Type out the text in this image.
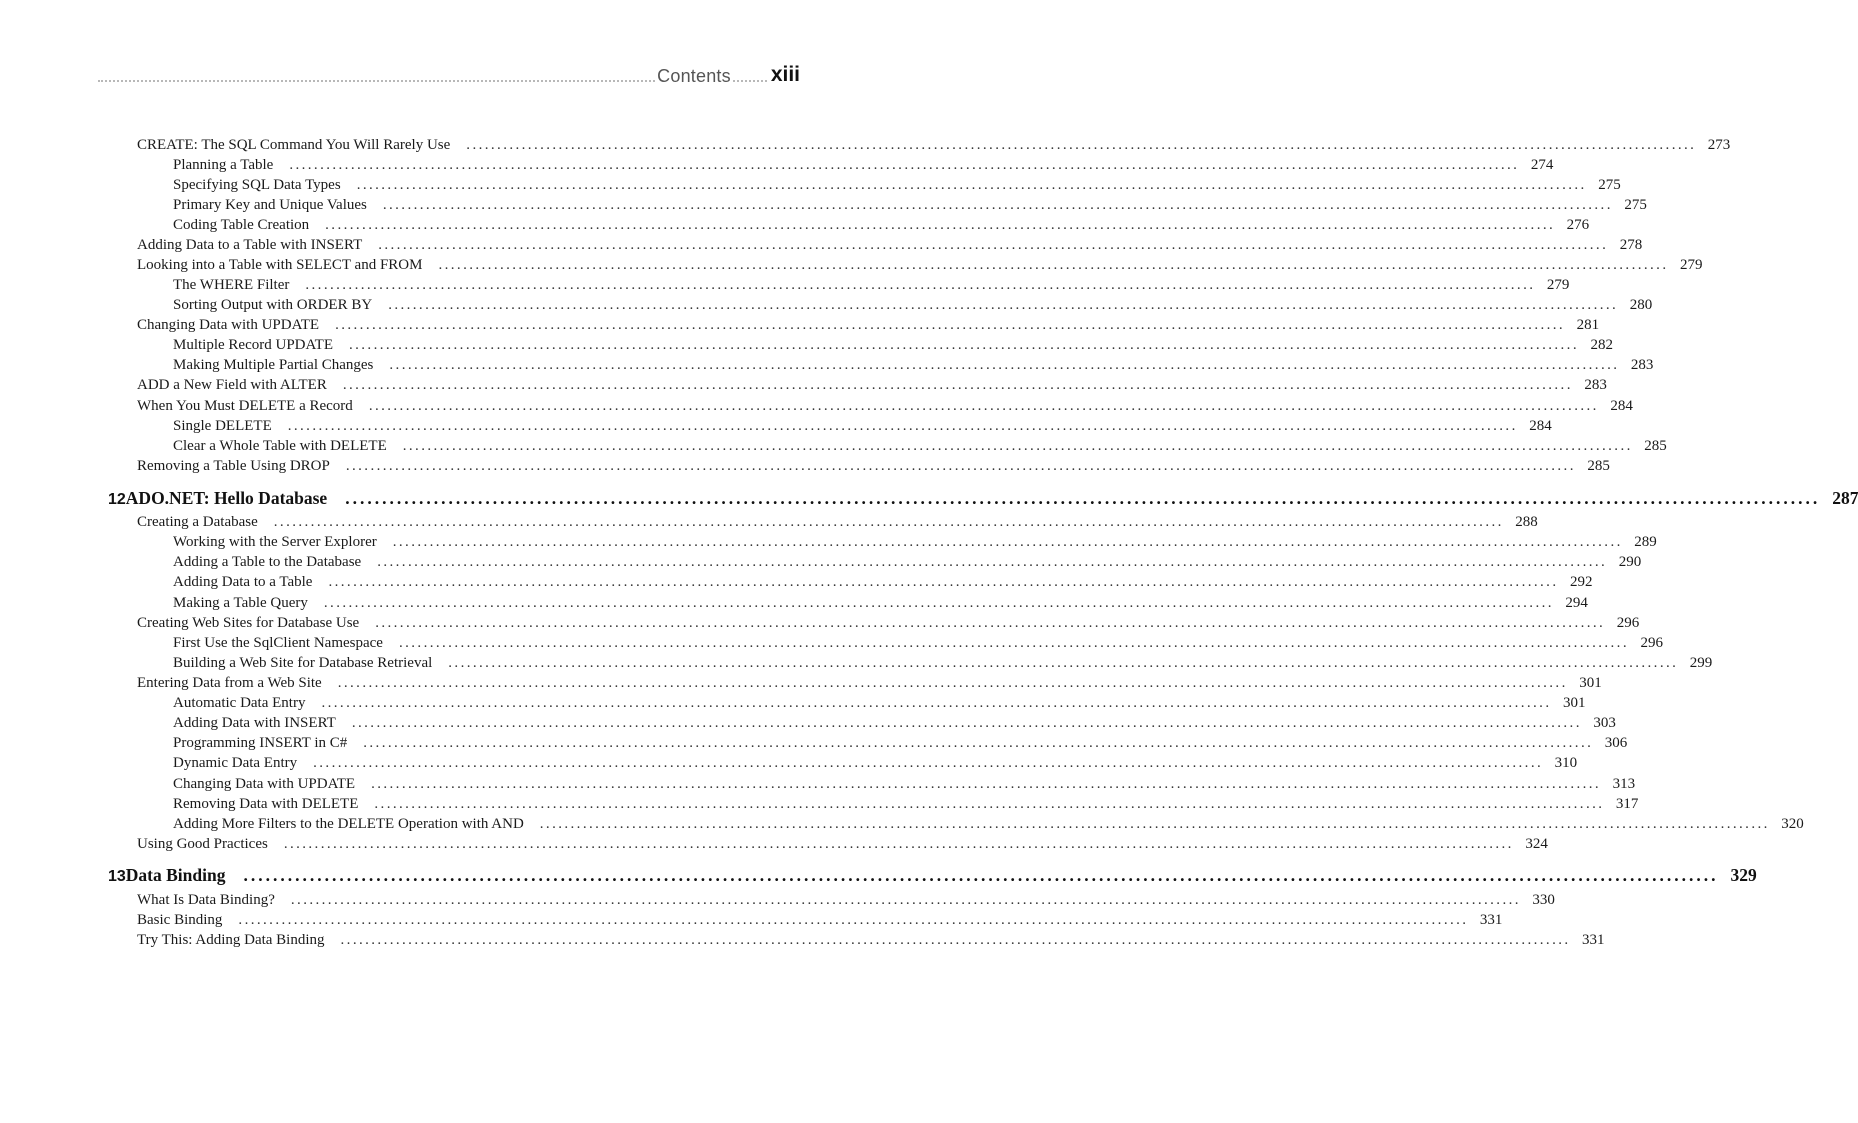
Contents xiii
CREATE: The SQL Command You Will Rarely Use ........................................................................................................................................................................................................ 273
Planning a Table ........................................................................................................................................................................................................ 274
Specifying SQL Data Types ........................................................................................................................................................................................................ 275
Primary Key and Unique Values ........................................................................................................................................................................................................ 275
Coding Table Creation ........................................................................................................................................................................................................ 276
Adding Data to a Table with INSERT ........................................................................................................................................................................................................ 278
Looking into a Table with SELECT and FROM ........................................................................................................................................................................................................ 279
The WHERE Filter ........................................................................................................................................................................................................ 279
Sorting Output with ORDER BY ........................................................................................................................................................................................................ 280
Changing Data with UPDATE ........................................................................................................................................................................................................ 281
Multiple Record UPDATE ........................................................................................................................................................................................................ 282
Making Multiple Partial Changes ........................................................................................................................................................................................................ 283
ADD a New Field with ALTER ........................................................................................................................................................................................................ 283
When You Must DELETE a Record ........................................................................................................................................................................................................ 284
Single DELETE ........................................................................................................................................................................................................ 284
Clear a Whole Table with DELETE ........................................................................................................................................................................................................ 285
Removing a Table Using DROP ........................................................................................................................................................................................................ 285
12 ADO.NET: Hello Database ........................................................................................................................................................................................................ 287
Creating a Database ........................................................................................................................................................................................................ 288
Working with the Server Explorer ........................................................................................................................................................................................................ 289
Adding a Table to the Database ........................................................................................................................................................................................................ 290
Adding Data to a Table ........................................................................................................................................................................................................ 292
Making a Table Query ........................................................................................................................................................................................................ 294
Creating Web Sites for Database Use ........................................................................................................................................................................................................ 296
First Use the SqlClient Namespace ........................................................................................................................................................................................................ 296
Building a Web Site for Database Retrieval ........................................................................................................................................................................................................ 299
Entering Data from a Web Site ........................................................................................................................................................................................................ 301
Automatic Data Entry ........................................................................................................................................................................................................ 301
Adding Data with INSERT ........................................................................................................................................................................................................ 303
Programming INSERT in C# ........................................................................................................................................................................................................ 306
Dynamic Data Entry ........................................................................................................................................................................................................ 310
Changing Data with UPDATE ........................................................................................................................................................................................................ 313
Removing Data with DELETE ........................................................................................................................................................................................................ 317
Adding More Filters to the DELETE Operation with AND ........................................................................................................................................................................................................ 320
Using Good Practices ........................................................................................................................................................................................................ 324
13 Data Binding ........................................................................................................................................................................................................ 329
What Is Data Binding? ........................................................................................................................................................................................................ 330
Basic Binding ........................................................................................................................................................................................................ 331
Try This: Adding Data Binding ........................................................................................................................................................................................................ 331
